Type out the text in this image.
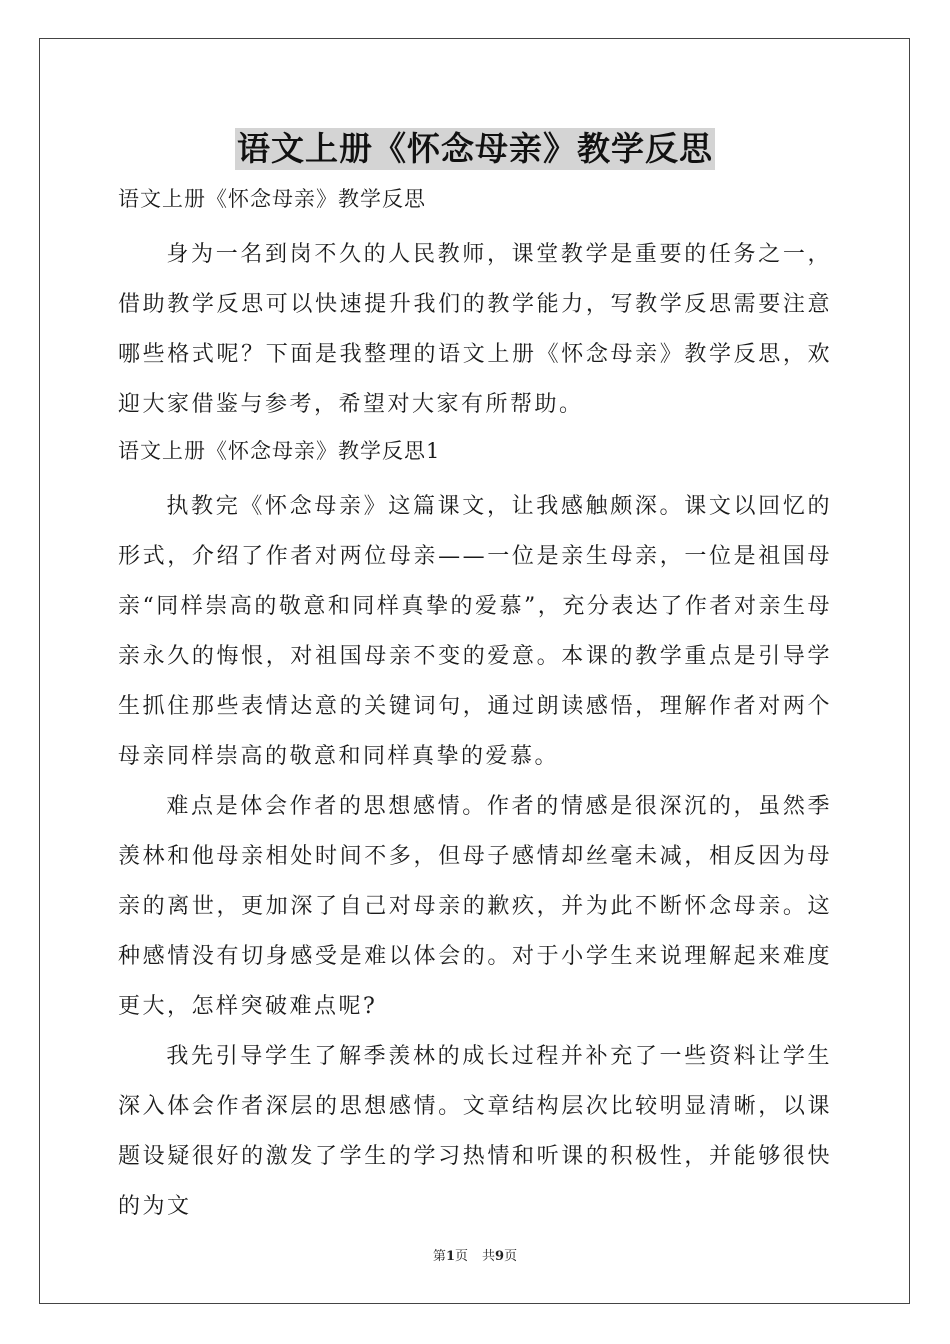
语文上册《怀念母亲》教学反思

语文上册《怀念母亲》教学反思

身为一名到岗不久的人民教师，课堂教学是重要的任务之一，借助教学反思可以快速提升我们的教学能力，写教学反思需要注意哪些格式呢？下面是我整理的语文上册《怀念母亲》教学反思，欢迎大家借鉴与参考，希望对大家有所帮助。

语文上册《怀念母亲》教学反思1

执教完《怀念母亲》这篇课文，让我感触颇深。课文以回忆的形式，介绍了作者对两位母亲——一位是亲生母亲，一位是祖国母亲“同样崇高的敬意和同样真挚的爱慕”，充分表达了作者对亲生母亲永久的悔恨，对祖国母亲不变的爱意。本课的教学重点是引导学生抓住那些表情达意的关键词句，通过朗读感悟，理解作者对两个母亲同样崇高的敬意和同样真挚的爱慕。

难点是体会作者的思想感情。作者的情感是很深沉的，虽然季羡林和他母亲相处时间不多，但母子感情却丝毫未减，相反因为母亲的离世，更加深了自己对母亲的歉疚，并为此不断怀念母亲。这种感情没有切身感受是难以体会的。对于小学生来说理解起来难度更大，怎样突破难点呢?

我先引导学生了解季羡林的成长过程并补充了一些资料让学生深入体会作者深层的思想感情。文章结构层次比较明显清晰，以课题设疑很好的激发了学生的学习热情和听课的积极性，并能够很快的为文

第1页 共9页
